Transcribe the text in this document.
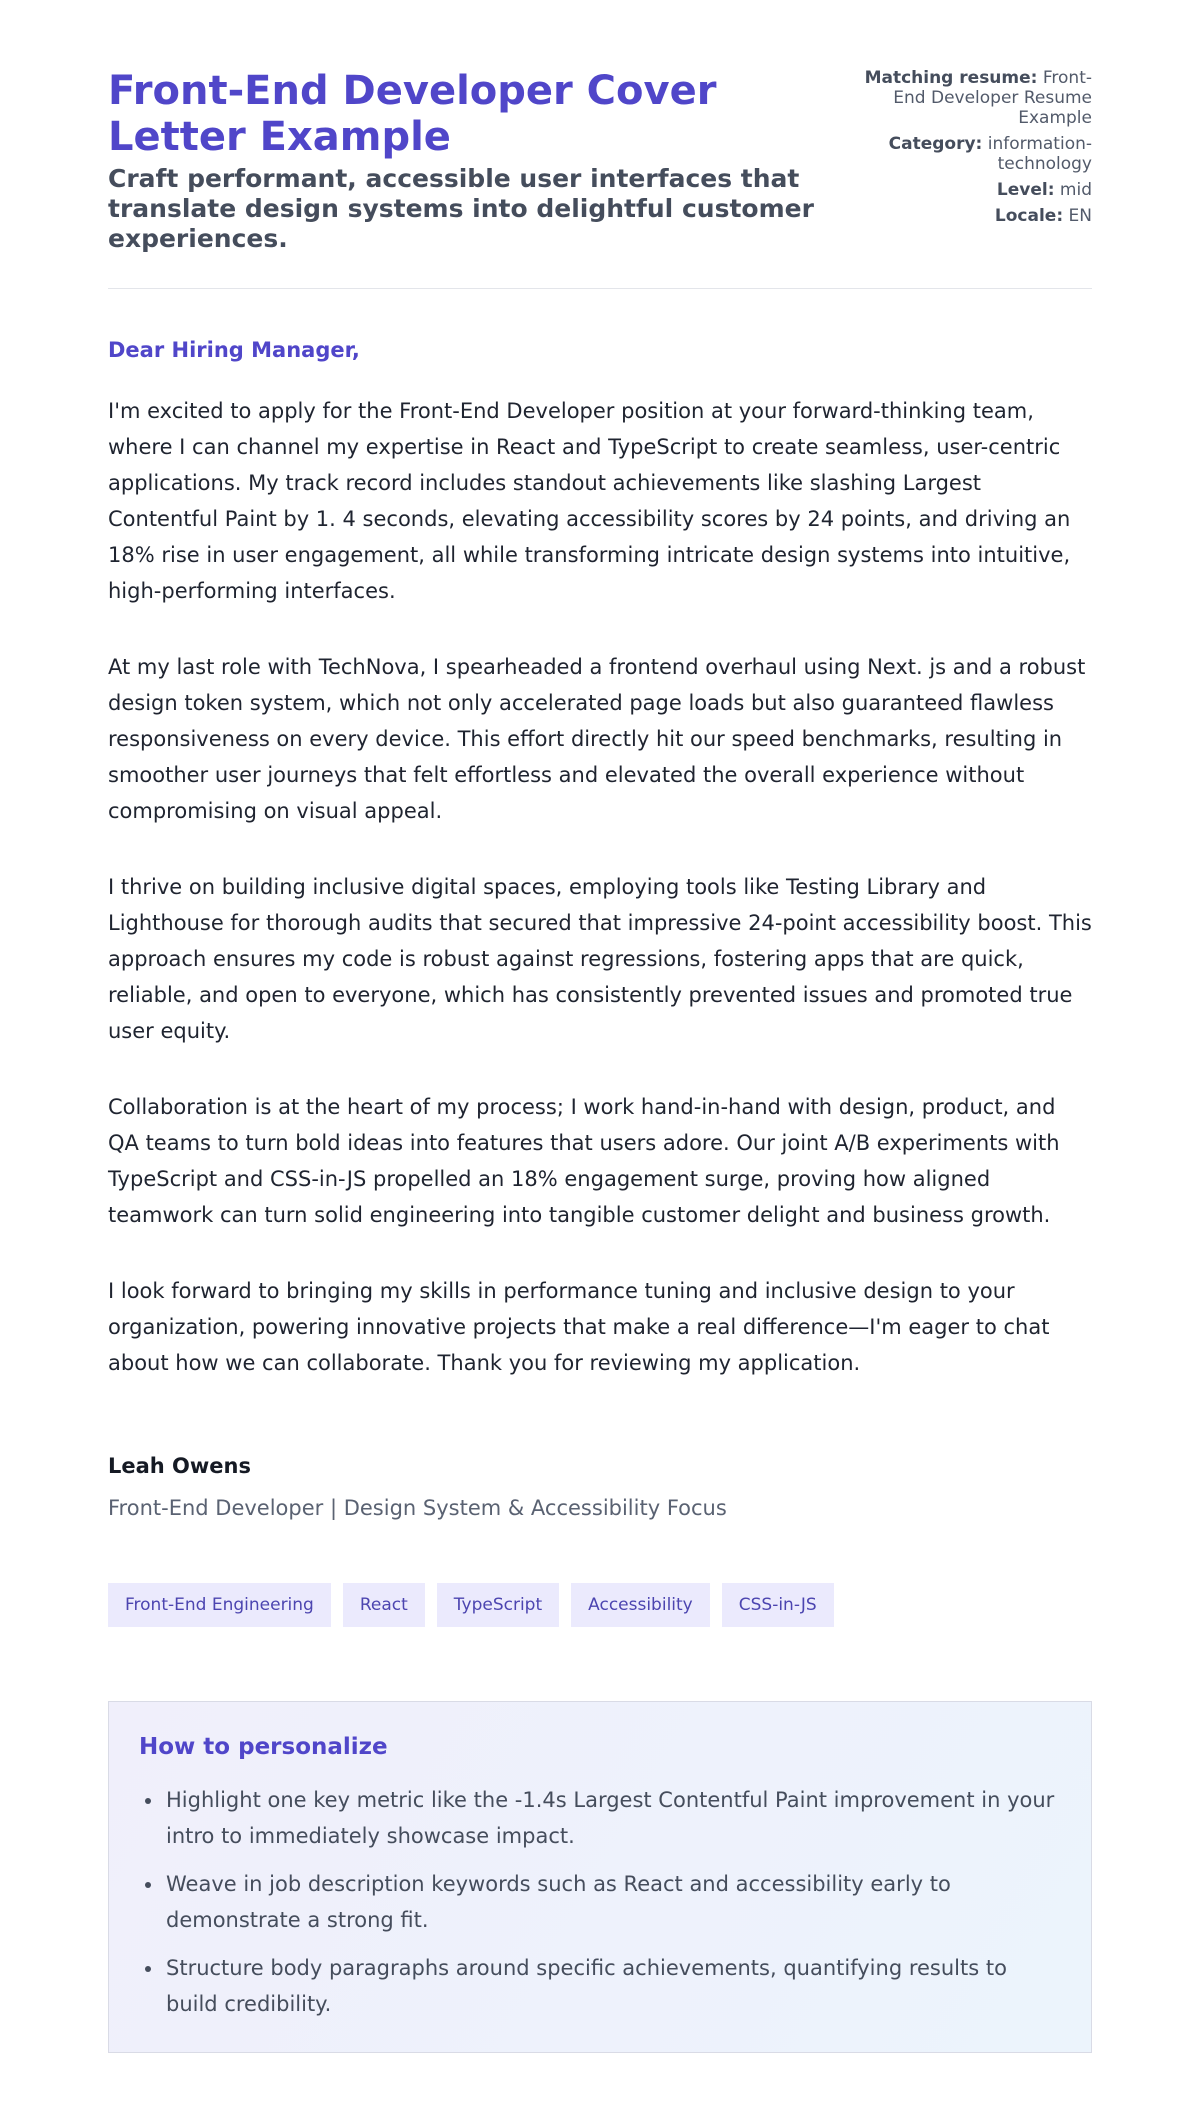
Front-End Developer Cover Letter Example

Craft performant, accessible user interfaces that translate design systems into delightful customer experiences.

Matching resume: Front-End Developer Resume Example
Category: information-technology
Level: mid
Locale: EN

Dear Hiring Manager,

I'm excited to apply for the Front-End Developer position at your forward-thinking team, where I can channel my expertise in React and TypeScript to create seamless, user-centric applications. My track record includes standout achievements like slashing Largest Contentful Paint by 1. 4 seconds, elevating accessibility scores by 24 points, and driving an 18% rise in user engagement, all while transforming intricate design systems into intuitive, high-performing interfaces.

At my last role with TechNova, I spearheaded a frontend overhaul using Next. js and a robust design token system, which not only accelerated page loads but also guaranteed flawless responsiveness on every device. This effort directly hit our speed benchmarks, resulting in smoother user journeys that felt effortless and elevated the overall experience without compromising on visual appeal.

I thrive on building inclusive digital spaces, employing tools like Testing Library and Lighthouse for thorough audits that secured that impressive 24-point accessibility boost. This approach ensures my code is robust against regressions, fostering apps that are quick, reliable, and open to everyone, which has consistently prevented issues and promoted true user equity.

Collaboration is at the heart of my process; I work hand-in-hand with design, product, and QA teams to turn bold ideas into features that users adore. Our joint A/B experiments with TypeScript and CSS-in-JS propelled an 18% engagement surge, proving how aligned teamwork can turn solid engineering into tangible customer delight and business growth.

I look forward to bringing my skills in performance tuning and inclusive design to your organization, powering innovative projects that make a real difference—I'm eager to chat about how we can collaborate. Thank you for reviewing my application.

Leah Owens

Front-End Developer | Design System & Accessibility Focus

Front-End Engineering	React	TypeScript	Accessibility	CSS-in-JS
How to personalize
• Highlight one key metric like the -1.4s Largest Contentful Paint improvement in your intro to immediately showcase impact.
• Weave in job description keywords such as React and accessibility early to demonstrate a strong fit.
• Structure body paragraphs around specific achievements, quantifying results to build credibility.
